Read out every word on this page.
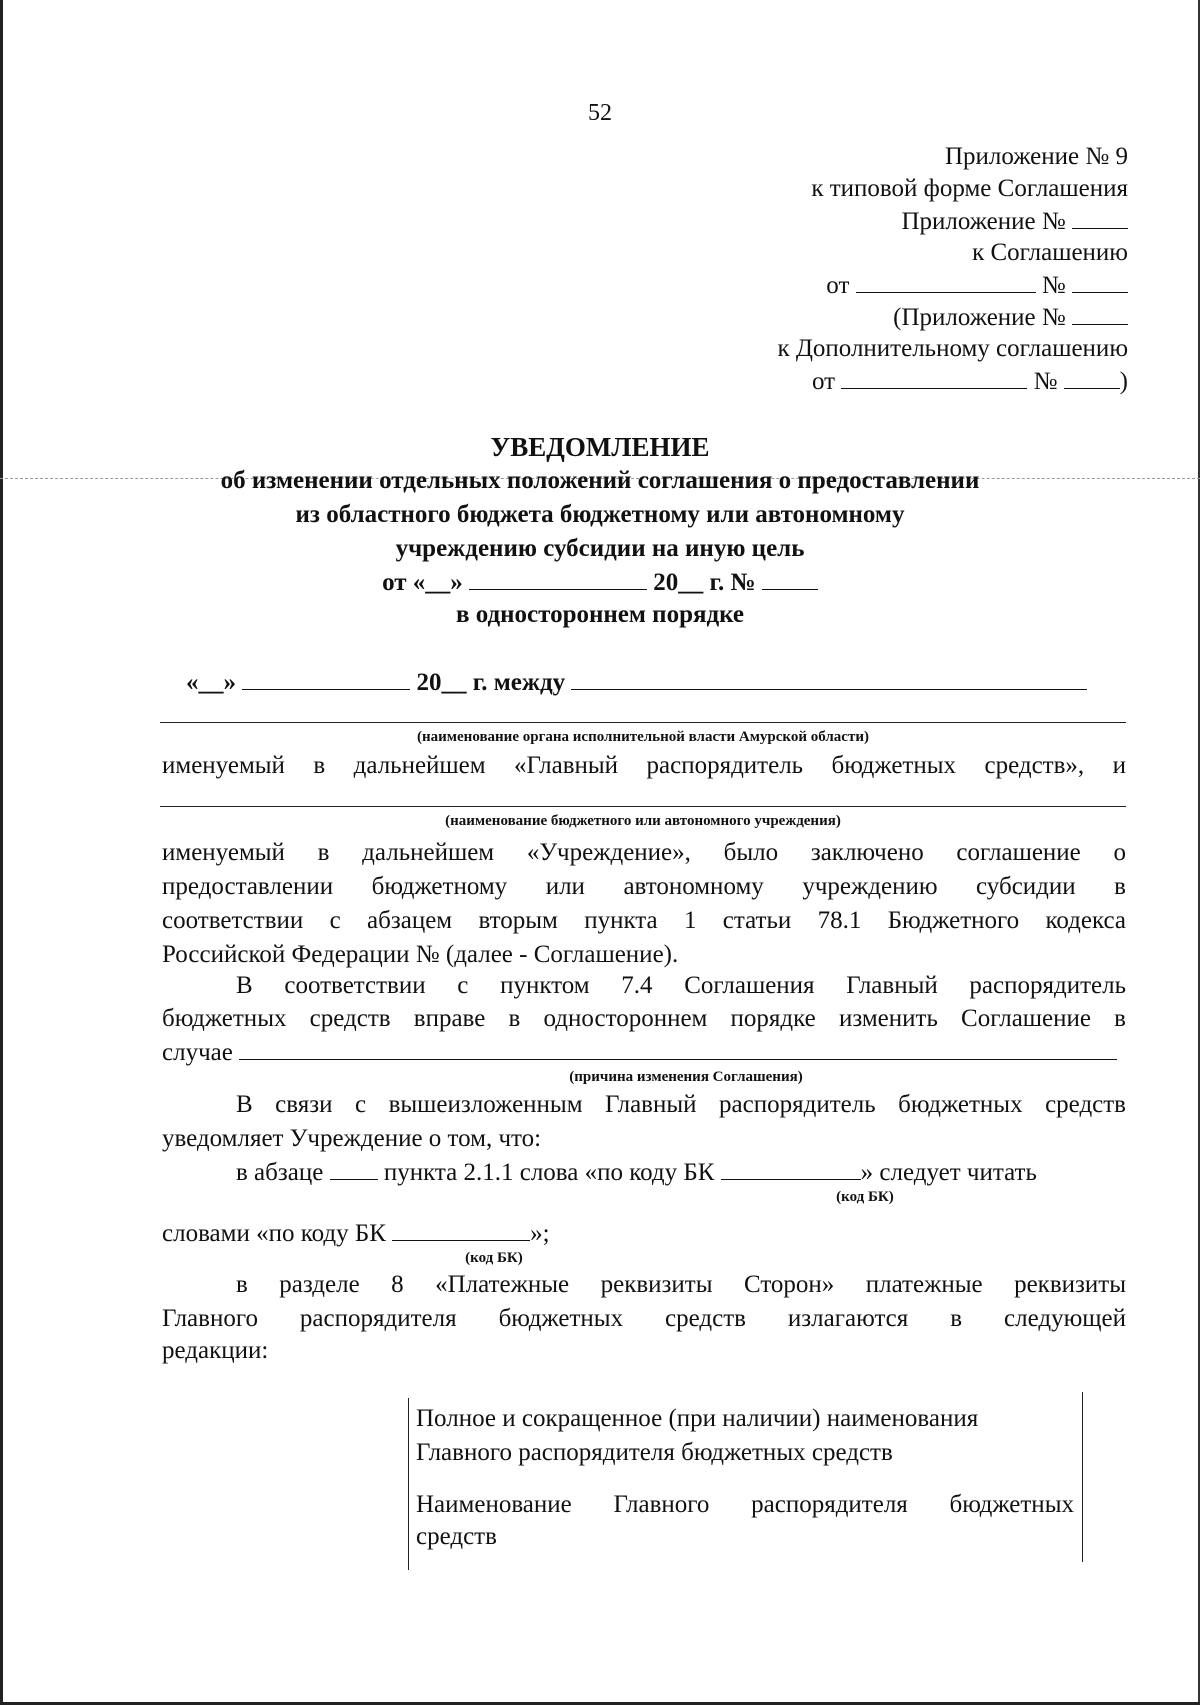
52
Приложение № 9
к типовой форме Соглашения
Приложение №
к Соглашению
от	№
(Приложение №
к Дополнительному соглашению
от	№ )
УВЕДОМЛЕНИЕ
об изменении отдельных положений соглашения о предоставлении
из областного бюджета бюджетному или автономному
учреждению субсидии на иную цель
от «__»	20__ г. №
в одностороннем порядке
«__»	20__ г. между
(наименование органа исполнительной власти Амурской области)
именуемый в дальнейшем «Главный распорядитель бюджетных средств», и
(наименование бюджетного или автономного учреждения)
именуемый в дальнейшем «Учреждение», было заключено соглашение о
предоставлении бюджетному или автономному учреждению субсидии в
соответствии с абзацем вторым пункта 1 статьи 78.1 Бюджетного кодекса
Российской Федерации № (далее - Соглашение).
В соответствии с пунктом 7.4 Соглашения Главный распорядитель
бюджетных средств вправе в одностороннем порядке изменить Соглашение в
случае
(причина изменения Соглашения)
В связи с вышеизложенным Главный распорядитель бюджетных средств
уведомляет Учреждение о том, что:
в абзаце пункта 2.1.1 слова «по коду БК	» следует читать
(код БК)
словами «по коду БК	»;
(код БК)
в разделе 8 «Платежные реквизиты Сторон» платежные реквизиты
Главного распорядителя бюджетных средств излагаются в следующей
редакции:
Полное и сокращенное (при наличии) наименования
Главного распорядителя бюджетных средств
Наименование Главного распорядителя бюджетных
средств
